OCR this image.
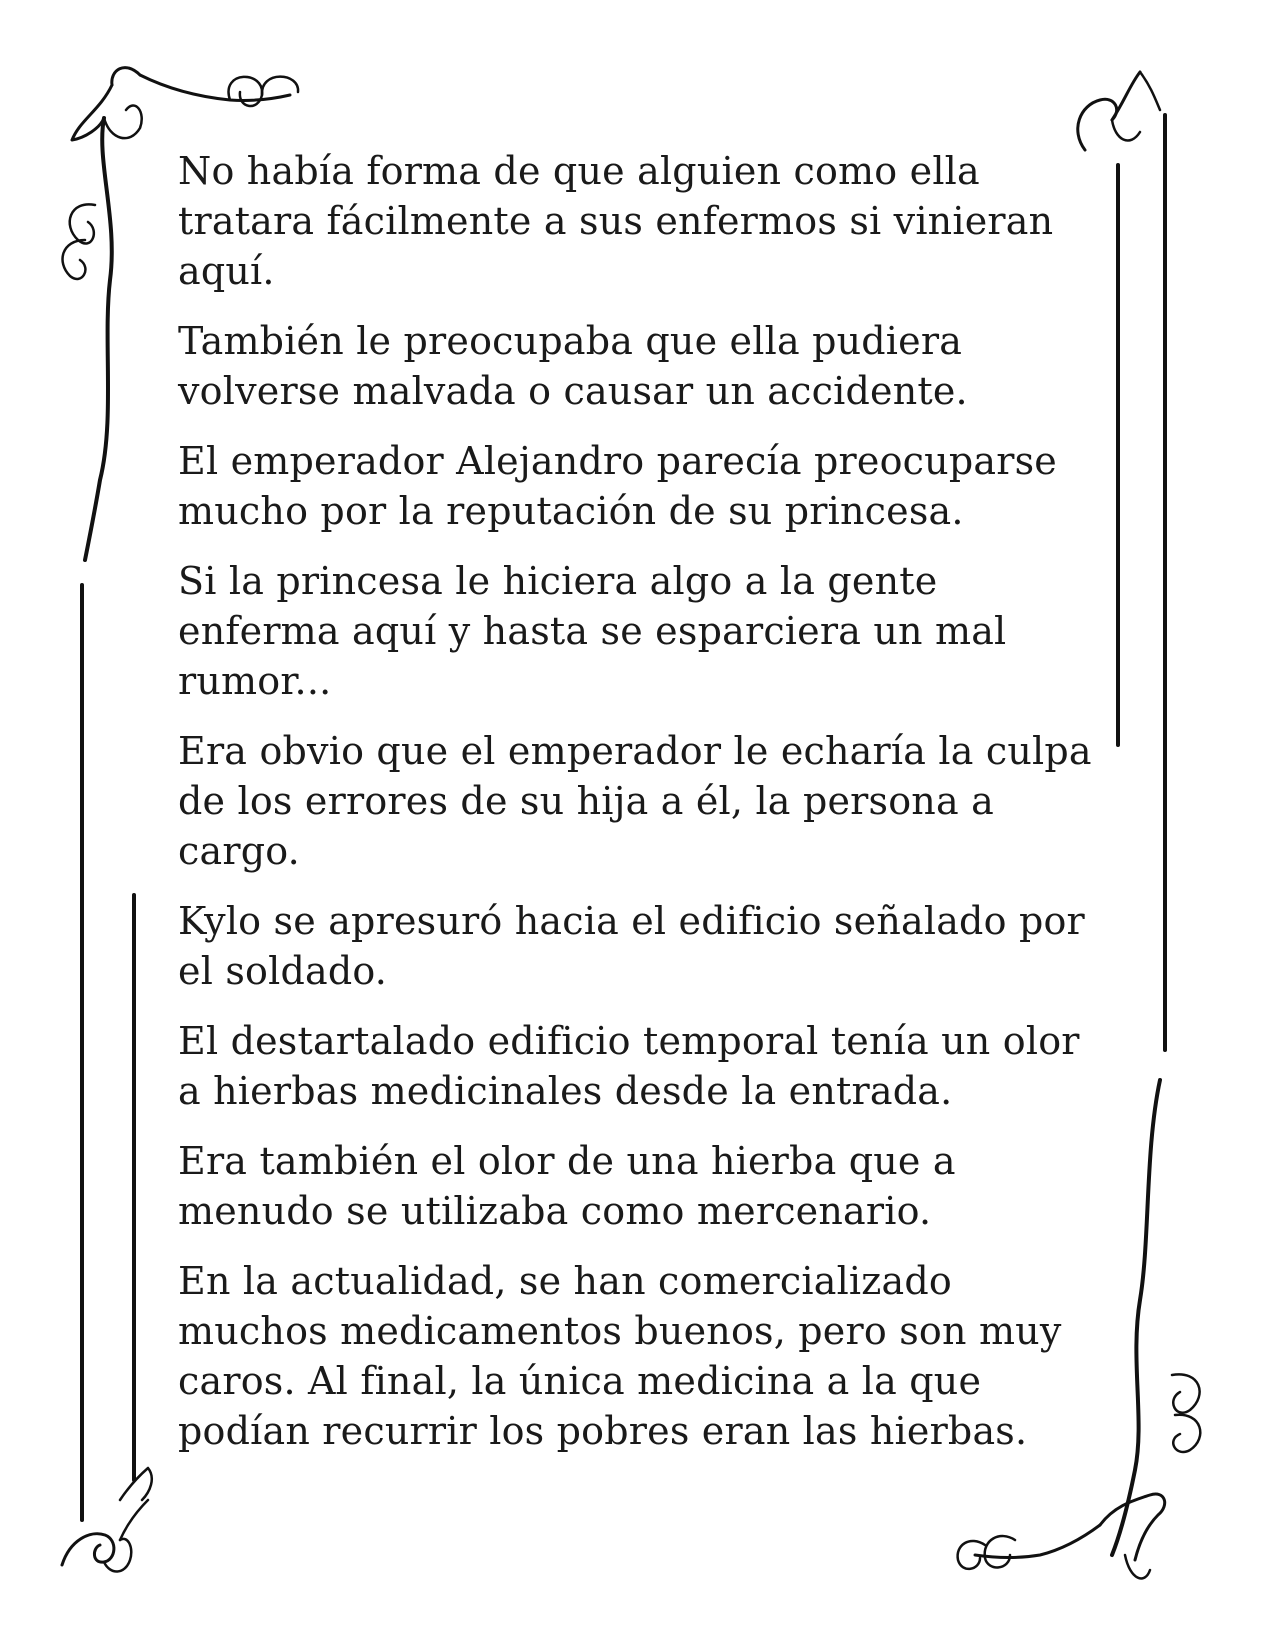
No había forma de que alguien como ella tratara fácilmente a sus enfermos si vinieran aquí.

También le preocupaba que ella pudiera volverse malvada o causar un accidente.

El emperador Alejandro parecía preocuparse mucho por la reputación de su princesa.

Si la princesa le hiciera algo a la gente enferma aquí y hasta se esparciera un mal rumor...

Era obvio que el emperador le echaría la culpa de los errores de su hija a él, la persona a cargo.

Kylo se apresuró hacia el edificio señalado por el soldado.

El destartalado edificio temporal tenía un olor a hierbas medicinales desde la entrada.

Era también el olor de una hierba que a menudo se utilizaba como mercenario.

En la actualidad, se han comercializado muchos medicamentos buenos, pero son muy caros. Al final, la única medicina a la que podían recurrir los pobres eran las hierbas.
